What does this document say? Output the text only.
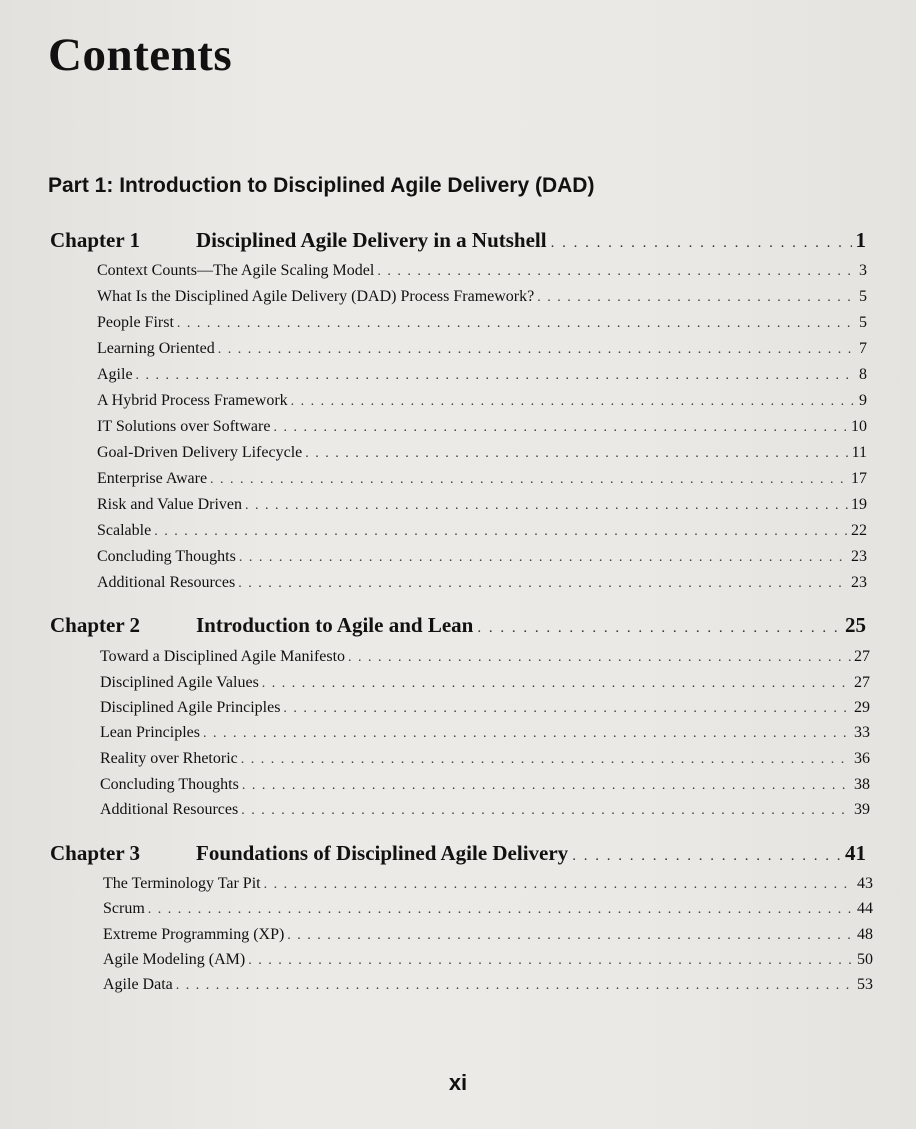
Contents
Part 1: Introduction to Disciplined Agile Delivery (DAD)
Chapter 1	Disciplined Agile Delivery in a Nutshell . . .	1
Context Counts—The Agile Scaling Model . . .	3
What Is the Disciplined Agile Delivery (DAD) Process Framework? . . .	5
People First . . .	5
Learning Oriented . . .	7
Agile . . .	8
A Hybrid Process Framework . . .	9
IT Solutions over Software . . .	10
Goal-Driven Delivery Lifecycle . . .	11
Enterprise Aware . . .	17
Risk and Value Driven . . .	19
Scalable . . .	22
Concluding Thoughts . . .	23
Additional Resources . . .	23
Chapter 2	Introduction to Agile and Lean . . .	25
Toward a Disciplined Agile Manifesto . . .	27
Disciplined Agile Values . . .	27
Disciplined Agile Principles . . .	29
Lean Principles . . .	33
Reality over Rhetoric . . .	36
Concluding Thoughts . . .	38
Additional Resources . . .	39
Chapter 3	Foundations of Disciplined Agile Delivery . . .	41
The Terminology Tar Pit . . .	43
Scrum . . .	44
Extreme Programming (XP) . . .	48
Agile Modeling (AM) . . .	50
Agile Data . . .	53
xi
